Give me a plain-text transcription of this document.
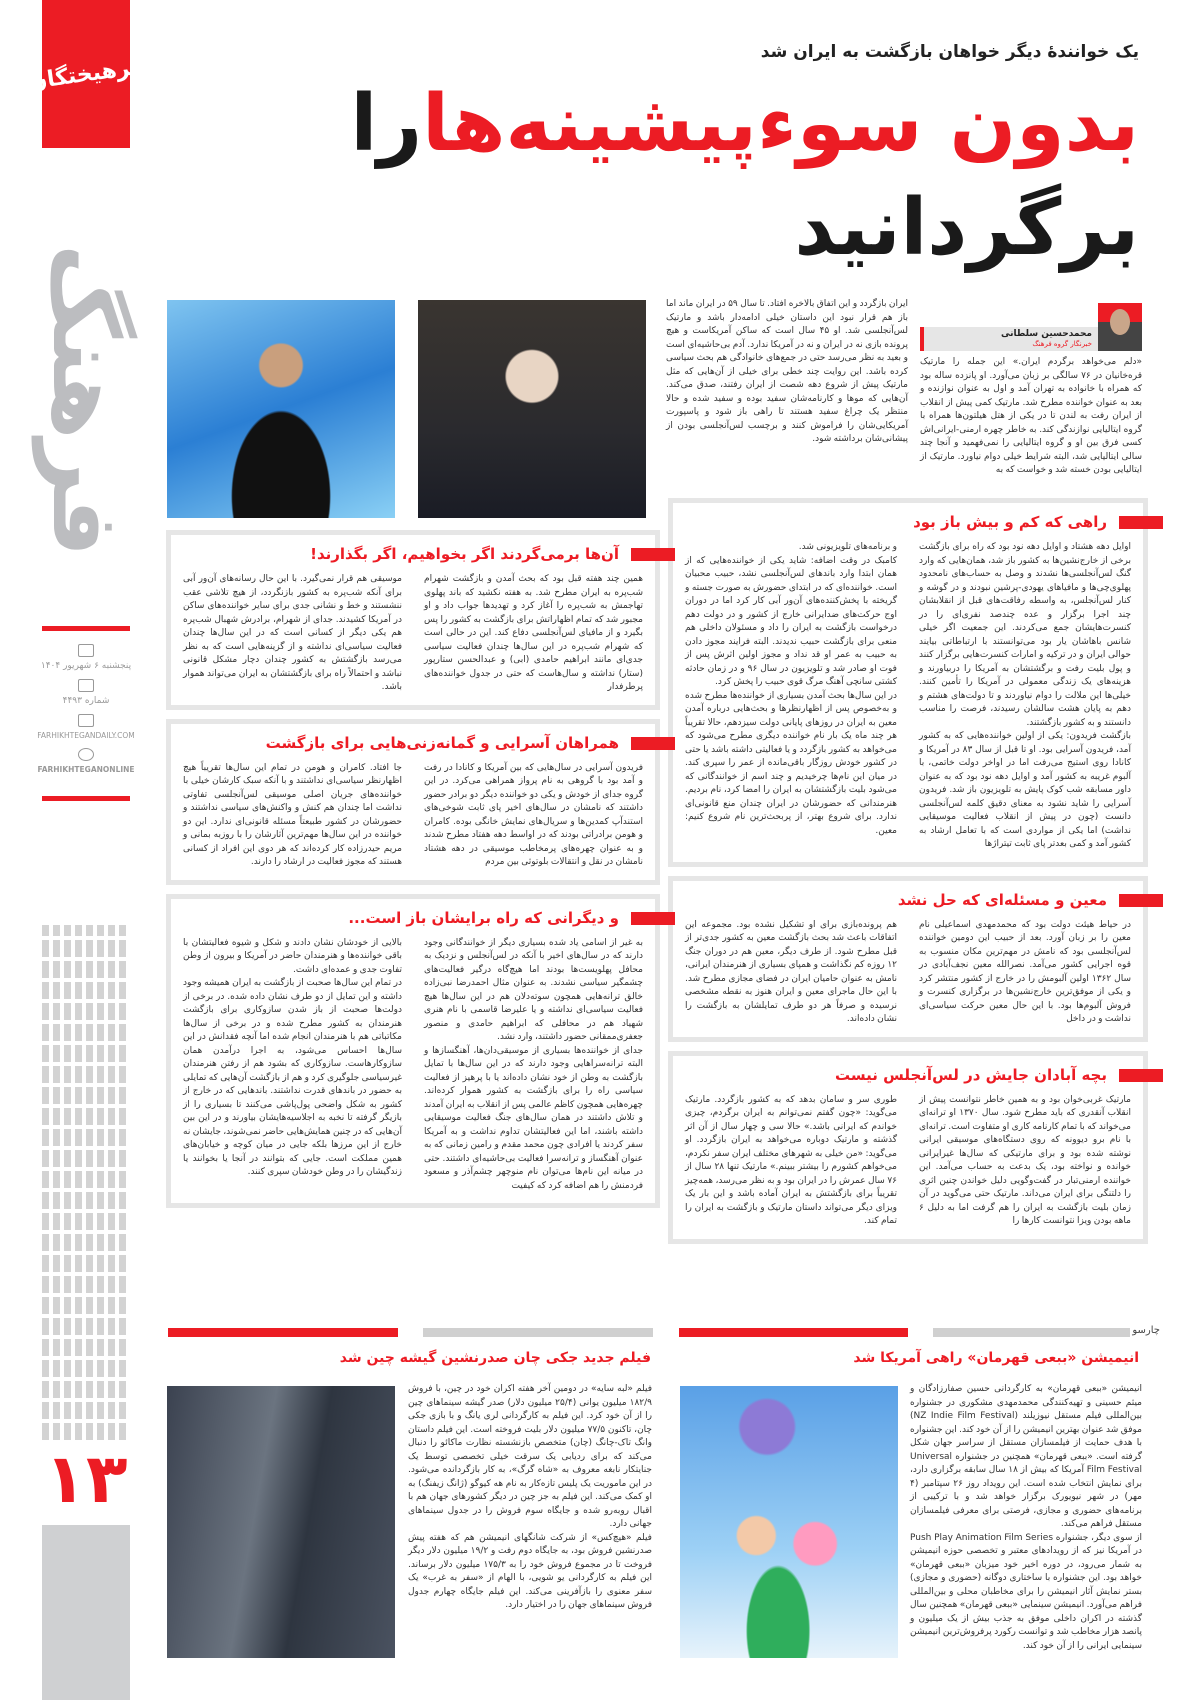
فرهیختگان
فرهنگ
پنجشنبه ۶ شهریور ۱۴۰۴
شماره ۴۴۹۳
FARHIKHTEGANDAILY.COM
FARHIKHTEGANONLINE
۱۳
یک خوانندهٔ دیگر خواهان بازگشت به ایران شد
بدون سوءپیشینه‌هارا
برگردانید
محمدحسین سلطانی
خبرنگار گروه فرهنگ
«دلم می‌خواهد برگردم ایران.» این جمله را مارتیک قره‌خانیان در ۷۶ سالگی بر زبان می‌آورد. او پانزده ساله بود که همراه با خانواده به تهران آمد و اول به عنوان نوازنده و بعد به عنوان خواننده مطرح شد. مارتیک کمی پیش از انقلاب از ایران رفت به لندن تا در یکی از هتل هیلتون‌ها همراه با گروه ایتالیایی نوازندگی کند. به خاطر چهره ارمنی-ایرانی‌اش کسی فرق بین او و گروه ایتالیایی را نمی‌فهمید و آنجا چند سالی ایتالیایی شد، البته شرایط خیلی دوام نیاورد. مارتیک از ایتالیایی بودن خسته شد و خواست که به
ایران بازگردد و این اتفاق بالاخره افتاد. تا سال ۵۹ در ایران ماند اما باز هم قرار نبود این داستان خیلی ادامه‌دار باشد و مارتیک لس‌آنجلسی شد. او ۴۵ سال است که ساکن آمریکاست و هیچ پرونده بازی نه در ایران و نه در آمریکا ندارد. آدم بی‌حاشیه‌ای است و بعید به نظر می‌رسد حتی در جمع‌های خانوادگی هم بحث سیاسی کرده باشد. این روایت چند خطی برای خیلی از آن‌هایی که مثل مارتیک پیش از شروع دهه شصت از ایران رفتند، صدق می‌کند. آن‌هایی که موها و کارنامه‌شان سفید بوده و سفید شده و حالا منتظر یک چراغ سفید هستند تا راهی باز شود و پاسپورت آمریکایی‌شان را فراموش کنند و برچسب لس‌آنجلسی بودن از پیشانی‌شان برداشته شود.
راهی که کم و بیش باز بود

اوایل دهه هشتاد و اوایل دهه نود بود که راه برای بازگشت برخی از خارج‌نشین‌ها به کشور باز شد، همان‌هایی که وارد گنگ لس‌آنجلسی‌ها نشدند و وصل به حساب‌های نامحدود پهلوی‌چی‌ها و مافیاهای یهودی-پرشین نبودند و در گوشه و کنار لس‌آنجلس، به واسطه رفاقت‌های قبل از انقلابشان چند اجرا برگزار و عده چندصد نفری‌ای را در کنسرت‌هایشان جمع می‌کردند. این جمعیت اگر خیلی شانس باهاشان یار بود می‌توانستند با ارتباطاتی بیایند حوالی ایران و در ترکیه و امارات کنسرت‌هایی برگزار کنند و پول بلیت رفت و برگشتشان به آمریکا را دربیاورند و هزینه‌های یک زندگی معمولی در آمریکا را تأمین کنند. خیلی‌ها این ملالت را دوام نیاوردند و تا دولت‌های هشتم و دهم به پایان هشت سالشان رسیدند، فرصت را مناسب دانستند و به کشور بازگشتند.

بازگشت فریدون: یکی از اولین خواننده‌هایی که به کشور آمد، فریدون آسرایی بود. او تا قبل از سال ۸۳ در آمریکا و کانادا روی استیج می‌رفت اما در اواخر دولت خاتمی، با آلبوم غریبه به کشور آمد و اوایل دهه نود بود که به عنوان داور مسابقه شب کوک پایش به تلویزیون باز شد. فریدون آسرایی را شاید نشود به معنای دقیق کلمه لس‌آنجلسی دانست (چون در پیش از انقلاب فعالیت موسیقایی نداشت) اما یکی از مواردی است که با تعامل ارشاد به کشور آمد و کمی بعدتر پای ثابت تیتراژها

و برنامه‌های تلویزیونی شد.

کامبک در وقت اضافه: شاید یکی از خواننده‌هایی که از همان ابتدا وارد باندهای لس‌آنجلسی نشد، حبیب محبیان است. خواننده‌ای که در ابتدای حضورش به صورت جسته و گریخته با پخش‌کننده‌های آن‌ور آبی کار کرد اما در دوران اوج حرکت‌های ضدایرانی خارج از کشور و در دولت دهم درخواست بازگشت به ایران را داد و مسئولان داخلی هم منعی برای بازگشت حبیب ندیدند. البته فرایند مجوز دادن به حبیب به عمر او قد نداد و مجوز اولین اثرش پس از فوت او صادر شد و تلویزیون در سال ۹۶ و در زمان حادثه کشتی سانچی آهنگ مرگ قوی حبیب را پخش کرد.

در این سال‌ها بحث آمدن بسیاری از خواننده‌ها مطرح شده و به‌خصوص پس از اظهارنظرها و بحث‌هایی درباره آمدن معین به ایران در روزهای پایانی دولت سیزدهم، حالا تقریباً هر چند ماه یک بار نام خواننده دیگری مطرح می‌شود که می‌خواهد به کشور بازگردد و یا فعالیتی داشته باشد یا حتی در کشور خودش روزگار باقی‌مانده از عمر را سپری کند. در میان این نام‌ها چرخیدیم و چند اسم از خوانندگانی که می‌شود بلیت بازگشتشان به ایران را امضا کرد، نام بردیم. هنرمندانی که حضورشان در ایران چندان منع قانونی‌ای ندارد. برای شروع بهتر، از پربحث‌ترین نام شروع کنیم: معین.

معین و مسئله‌ای که حل نشد
در حیاط هیئت دولت بود که محمدمهدی اسماعیلی نام معین را بر زبان آورد. بعد از حبیب این دومین خواننده لس‌آنجلسی بود که نامش در مهم‌ترین مکان منسوب به قوه اجرایی کشور می‌آمد. نصرالله معین نجف‌آبادی در سال ۱۳۶۲ اولین آلبومش را در خارج از کشور منتشر کرد و یکی از موفق‌ترین خارج‌نشین‌ها در برگزاری کنسرت و فروش آلبوم‌ها بود. با این حال معین حرکت سیاسی‌ای نداشت و در داخل
هم پرونده‌بازی برای او تشکیل نشده بود. مجموعه این اتفاقات باعث شد بحث بازگشت معین به کشور جدی‌تر از قبل مطرح شود. از طرف دیگر، معین هم در دوران جنگ ۱۲ روزه کم نگذاشت و همپای بسیاری از هنرمندان ایرانی، نامش به عنوان حامیان ایران در فضای مجازی مطرح شد. با این حال ماجرای معین و ایران هنوز به نقطه مشخصی نرسیده و صرفاً هر دو طرف تمایلشان به بازگشت را نشان داده‌اند.
بچه آبادان جایش در لس‌آنجلس نیست
مارتیک غربی‌خوان بود و به همین خاطر نتوانست پیش از انقلاب آنقدری که باید مطرح شود. سال ۱۳۷۰ او ترانه‌ای می‌خواند که با تمام کارنامه کاری او متفاوت است. ترانه‌ای با نام برو دیوونه که روی دستگاه‌های موسیقی ایرانی نوشته شده بود و برای مارتیکی که سال‌ها غیرایرانی خوانده و نواخته بود، یک بدعت به حساب می‌آمد. این خواننده ارمنی‌تبار در گفت‌وگویی دلیل خواندن چنین اثری را دلتنگی برای ایران می‌داند. مارتیک حتی می‌گوید در آن زمان بلیت بازگشت به ایران را هم گرفت اما به دلیل ۶ ماهه بودن ویزا نتوانست کارها را
طوری سر و سامان بدهد که به کشور بازگردد. مارتیک می‌گوید: «چون گفتم نمی‌توانم به ایران برگردم، چیزی خواندم که ایرانی باشد.» حالا سی و چهار سال از آن اثر گذشته و مارتیک دوباره می‌خواهد به ایران بازگردد. او می‌گوید: «من خیلی به شهرهای مختلف ایران سفر نکردم، می‌خواهم کشورم را بیشتر ببینم.» مارتیک تنها ۲۸ سال از ۷۶ سال عمرش را در ایران بود و به نظر می‌رسد، همه‌چیز تقریباً برای بازگشتش به ایران آماده باشد و این بار یک ویزای دیگر می‌تواند داستان مارتیک و بازگشت به ایران را تمام کند.
آن‌ها برمی‌گردند اگر بخواهیم، اگر بگذارند!
همین چند هفته قبل بود که بحث آمدن و بازگشت شهرام شب‌پره به ایران مطرح شد. به هفته نکشید که باند پهلوی تهاجمش به شب‌پره را آغاز کرد و تهدیدها جواب داد و او مجبور شد که تمام اظهاراتش برای بازگشت به کشور را پس بگیرد و از مافیای لس‌آنجلسی دفاع کند. این در حالی است که شهرام شب‌پره در این سال‌ها چندان فعالیت سیاسی جدی‌ای مانند ابراهیم حامدی (ابی) و عبدالحسن ستارپور (ستار) نداشته و سال‌هاست که حتی در جدول خواننده‌های پرطرفدار
موسیقی هم قرار نمی‌گیرد. با این حال رسانه‌های آن‌ور آبی برای آنکه شب‌پره به کشور بازنگردد، از هیچ تلاشی عقب ننشستند و خط و نشانی جدی برای سایر خواننده‌های ساکن در آمریکا کشیدند. جدای از شهرام، برادرش شهبال شب‌پره هم یکی دیگر از کسانی است که در این سال‌ها چندان فعالیت سیاسی‌ای نداشته و از گزینه‌هایی است که به نظر می‌رسد بازگشتش به کشور چندان دچار مشکل قانونی نباشد و احتمالاً راه برای بازگشتشان به ایران می‌تواند هموار باشد.
همراهان آسرایی و گمانه‌زنی‌هایی برای بازگشت
فریدون آسرایی در سال‌هایی که بین آمریکا و کانادا در رفت و آمد بود با گروهی به نام پرواز همراهی می‌کرد. در این گروه جدای از خودش و یکی دو خواننده دیگر دو برادر حضور داشتند که نامشان در سال‌های اخیر پای ثابت شوخی‌های استندآپ کمدین‌ها و سریال‌های نمایش خانگی بوده. کامران و هومن برادراتی بودند که در اواسط دهه هفتاد مطرح شدند و به عنوان چهره‌های پرمخاطب موسیقی در دهه هشتاد نامشان در نقل و انتقالات بلوتوثی بین مردم
جا افتاد. کامران و هومن در تمام این سال‌ها تقریباً هیچ اظهارنظر سیاسی‌ای نداشتند و با آنکه سبک کارشان خیلی با خواننده‌های جریان اصلی موسیقی لس‌آنجلسی تفاوتی نداشت اما چندان هم کنش و واکنش‌های سیاسی نداشتند و حضورشان در کشور طبیعتاً مسئله قانونی‌ای ندارد. این دو خواننده در این سال‌ها مهم‌ترین آثارشان را با روزبه بمانی و مریم حیدرزاده کار کرده‌اند که هر دوی این افراد از کسانی هستند که مجوز فعالیت در ارشاد را دارند.
و دیگرانی که راه برایشان باز است...

به غیر از اسامی یاد شده بسیاری دیگر از خوانندگانی وجود دارند که در سال‌های اخیر با آنکه در لس‌آنجلس و نزدیک به محافل پهلویست‌ها بودند اما هیچ‌گاه درگیر فعالیت‌های چشمگیر سیاسی نشدند. به عنوان مثال احمدرضا نبی‌زاده خالق ترانه‌هایی همچون سوته‌دلان هم در این سال‌ها هیچ فعالیت سیاسی‌ای نداشته و یا علیرضا قاسمی با نام هنری شهیاد هم در محافلی که ابراهیم حامدی و منصور جعفری‌ممقانی حضور داشتند، وارد نشد.

جدای از خواننده‌ها بسیاری از موسیقی‌دان‌ها، آهنگسازها و البته ترانه‌سراهایی وجود دارند که در این سال‌ها با تمایل بازگشت به وطن از خود نشان داده‌اند یا با پرهیز از فعالیت سیاسی راه را برای بازگشت به کشور هموار کرده‌اند. چهره‌هایی همچون کاظم عالمی پس از انقلاب به ایران آمدند و تلاش داشتند در همان سال‌های جنگ فعالیت موسیقایی داشته باشند، اما این فعالیتشان تداوم نداشت و به آمریکا سفر کردند یا افرادی چون محمد مقدم و رامین زمانی که به عنوان آهنگساز و ترانه‌سرا فعالیت بی‌حاشیه‌ای داشتند. حتی در میانه این نام‌ها می‌توان نام منوچهر چشم‌آذر و مسعود فردمنش را هم اضافه کرد که کیفیت

بالایی از خودشان نشان دادند و شکل و شیوه فعالیتشان با باقی خواننده‌ها و هنرمندان حاضر در آمریکا و بیرون از وطن تفاوت جدی و عمده‌ای داشت.

در تمام این سال‌ها صحبت از بازگشت به ایران همیشه وجود داشته و این تمایل از دو طرف نشان داده شده. در برخی از دولت‌ها صحبت از باز شدن سازوکاری برای بازگشت هنرمندان به کشور مطرح شده و در برخی از سال‌ها مکاتباتی هم با هنرمندان انجام شده اما آنچه فقدانش در این سال‌ها احساس می‌شود، به اجرا درآمدن همان سازوکارهاست. سازوکاری که بشود هم از رفتن هنرمندان غیرسیاسی جلوگیری کرد و هم از بازگشت آن‌هایی که تمایلی به حضور در باندهای قدرت نداشتند. باندهایی که در خارج از کشور به شکل واضحی پول‌پاشی می‌کنند تا بسیاری را از بازیگر گرفته تا نخبه به اجلاسیه‌هایشان بیاورند و در این بین آن‌هایی که در چنین همایش‌هایی حاضر نمی‌شوند، جایشان نه خارج از این مرزها بلکه جایی در میان کوچه و خیابان‌های همین مملکت است. جایی که بتوانند در آنجا یا بخوانند یا زندگیشان را در وطن خودشان سپری کنند.

چارسو
انیمیشن «ببعی قهرمان» راهی آمریکا شد

انیمیشن «ببعی قهرمان» به کارگردانی حسین صفارزادگان و میثم حسینی و تهیه‌کنندگی محمدمهدی مشکوری در جشنواره بین‌المللی فیلم مستقل نیوزیلند (NZ Indie Film Festival) موفق شد عنوان بهترین انیمیشن را از آن خود کند. این جشنواره با هدف حمایت از فیلمسازان مستقل از سراسر جهان شکل گرفته است. «ببعی قهرمان» همچنین در جشنواره Universal Film Festival آمریکا که بیش از ۱۸ سال سابقه برگزاری دارد، برای نمایش انتخاب شده است. این رویداد روز ۲۶ سپتامبر (۴ مهر) در شهر نیویورک برگزار خواهد شد و با ترکیبی از برنامه‌های حضوری و مجازی، فرصتی برای معرفی فیلمسازان مستقل فراهم می‌کند.

از سوی دیگر، جشنواره Push Play Animation Film Series در آمریکا نیز که از رویدادهای معتبر و تخصصی حوزه انیمیشن به شمار می‌رود، در دوره اخیر خود میزبان «ببعی قهرمان» خواهد بود. این جشنواره با ساختاری دوگانه (حضوری و مجازی) بستر نمایش آثار انیمیشن را برای مخاطبان محلی و بین‌المللی فراهم می‌آورد. انیمیشن سینمایی «ببعی قهرمان» همچنین سال گذشته در اکران داخلی موفق به جذب بیش از یک میلیون و پانصد هزار مخاطب شد و توانست رکورد پرفروش‌ترین انیمیشن سینمایی ایرانی را از آن خود کند.

فیلم جدید جکی چان صدرنشین گیشه چین شد

فیلم «لبه سایه» در دومین آخر هفته اکران خود در چین، با فروش ۱۸۲/۹ میلیون یوانی (۲۵/۴ میلیون دلار) صدر گیشه سینماهای چین را از آن خود کرد. این فیلم به کارگردانی لری یانگ و با بازی جکی چان، تاکنون ۷۷/۵ میلیون دلار بلیت فروخته است. این فیلم داستان وانگ تاک-چانگ (چان) متخصص بازنشسته نظارت ماکائو را دنبال می‌کند که برای ردیابی یک سرقت خیلی تخصصی توسط یک جنایتکار نابغه معروف به «شاه گرگ»، به کار بازگردانده می‌شود. در این ماموریت یک پلیس تازه‌کار به نام هه کیوگو (ژانگ زیفنگ) به او کمک می‌کند. این فیلم به جز چین در دیگر کشورهای جهان هم با اقبال روبه‌رو شده و جایگاه سوم فروش را در جدول سینماهای جهانی دارد.

فیلم «هیچ‌کس» از شرکت شانگهای انیمیشن هم که هفته پیش صدرنشین فروش بود، به جایگاه دوم رفت و ۱۹/۲ میلیون دلار دیگر فروخت تا در مجموع فروش خود را به ۱۷۵/۳ میلیون دلار برساند. این فیلم به کارگردانی یو شویی، با الهام از «سفر به غرب» یک سفر معنوی را بازآفرینی می‌کند. این فیلم جایگاه چهارم جدول فروش سینماهای جهان را در اختیار دارد.
